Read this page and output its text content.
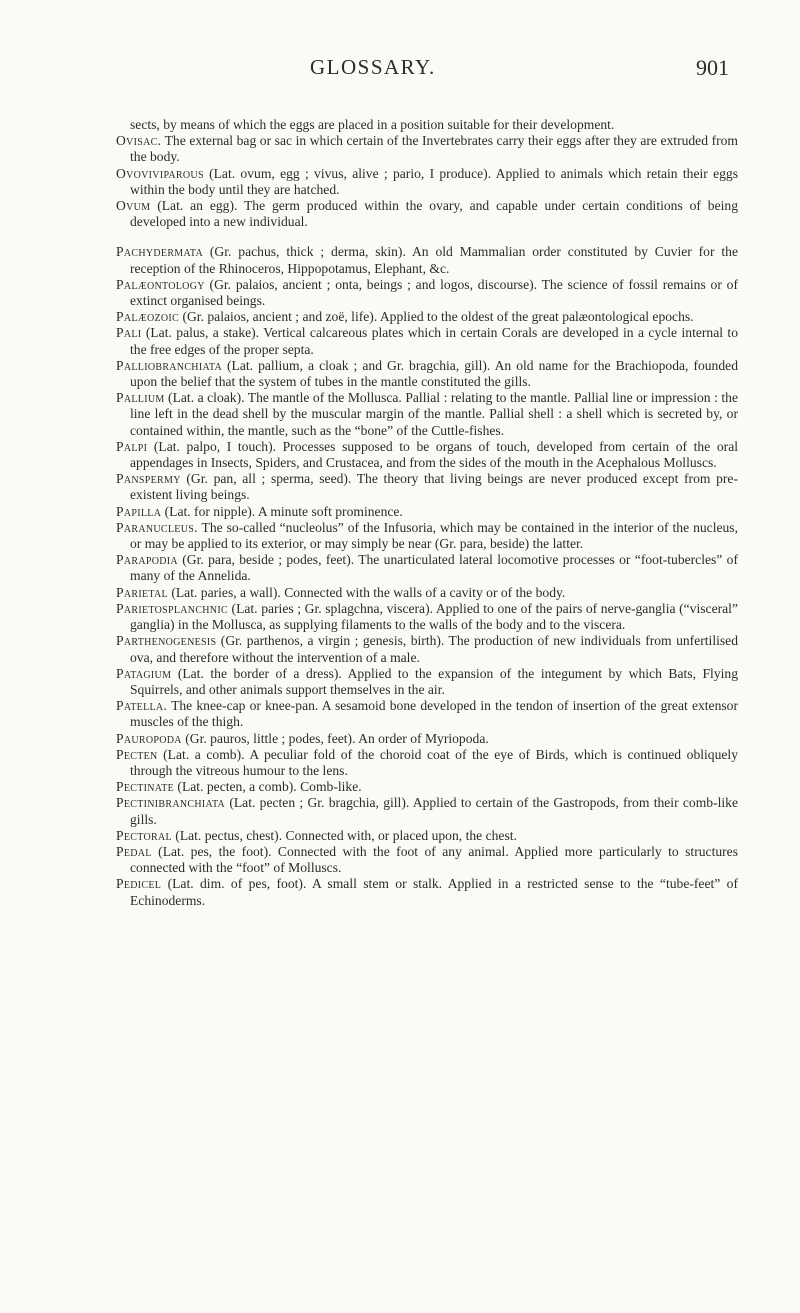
GLOSSARY.	901

sects, by means of which the eggs are placed in a position suitable for their development.

Ovisac. The external bag or sac in which certain of the Invertebrates carry their eggs after they are extruded from the body.

Ovoviviparous (Lat. ovum, egg ; vivus, alive ; pario, I produce). Applied to animals which retain their eggs within the body until they are hatched.

Ovum (Lat. an egg). The germ produced within the ovary, and capable under certain conditions of being developed into a new individual.

Pachydermata (Gr. pachus, thick ; derma, skin). An old Mammalian order constituted by Cuvier for the reception of the Rhinoceros, Hippopotamus, Elephant, &c.

Palæontology (Gr. palaios, ancient ; onta, beings ; and logos, discourse). The science of fossil remains or of extinct organised beings.

Palæozoic (Gr. palaios, ancient ; and zoë, life). Applied to the oldest of the great palæontological epochs.

Pali (Lat. palus, a stake). Vertical calcareous plates which in certain Corals are developed in a cycle internal to the free edges of the proper septa.

Palliobranchiata (Lat. pallium, a cloak ; and Gr. bragchia, gill). An old name for the Brachiopoda, founded upon the belief that the system of tubes in the mantle constituted the gills.

Pallium (Lat. a cloak). The mantle of the Mollusca. Pallial : relating to the mantle. Pallial line or impression : the line left in the dead shell by the muscular margin of the mantle. Pallial shell : a shell which is secreted by, or contained within, the mantle, such as the “bone” of the Cuttle-fishes.

Palpi (Lat. palpo, I touch). Processes supposed to be organs of touch, developed from certain of the oral appendages in Insects, Spiders, and Crustacea, and from the sides of the mouth in the Acephalous Molluscs.

Panspermy (Gr. pan, all ; sperma, seed). The theory that living beings are never produced except from pre-existent living beings.

Papilla (Lat. for nipple). A minute soft prominence.

Paranucleus. The so-called “nucleolus” of the Infusoria, which may be contained in the interior of the nucleus, or may be applied to its exterior, or may simply be near (Gr. para, beside) the latter.

Parapodia (Gr. para, beside ; podes, feet). The unarticulated lateral locomotive processes or “foot-tubercles” of many of the Annelida.

Parietal (Lat. paries, a wall). Connected with the walls of a cavity or of the body.

Parietosplanchnic (Lat. paries ; Gr. splagchna, viscera). Applied to one of the pairs of nerve-ganglia (“visceral” ganglia) in the Mollusca, as supplying filaments to the walls of the body and to the viscera.

Parthenogenesis (Gr. parthenos, a virgin ; genesis, birth). The production of new individuals from unfertilised ova, and therefore without the intervention of a male.

Patagium (Lat. the border of a dress). Applied to the expansion of the integument by which Bats, Flying Squirrels, and other animals support themselves in the air.

Patella. The knee-cap or knee-pan. A sesamoid bone developed in the tendon of insertion of the great extensor muscles of the thigh.

Pauropoda (Gr. pauros, little ; podes, feet). An order of Myriopoda.

Pecten (Lat. a comb). A peculiar fold of the choroid coat of the eye of Birds, which is continued obliquely through the vitreous humour to the lens.

Pectinate (Lat. pecten, a comb). Comb-like.

Pectinibranchiata (Lat. pecten ; Gr. bragchia, gill). Applied to certain of the Gastropods, from their comb-like gills.

Pectoral (Lat. pectus, chest). Connected with, or placed upon, the chest.

Pedal (Lat. pes, the foot). Connected with the foot of any animal. Applied more particularly to structures connected with the “foot” of Molluscs.

Pedicel (Lat. dim. of pes, foot). A small stem or stalk. Applied in a restricted sense to the “tube-feet” of Echinoderms.
